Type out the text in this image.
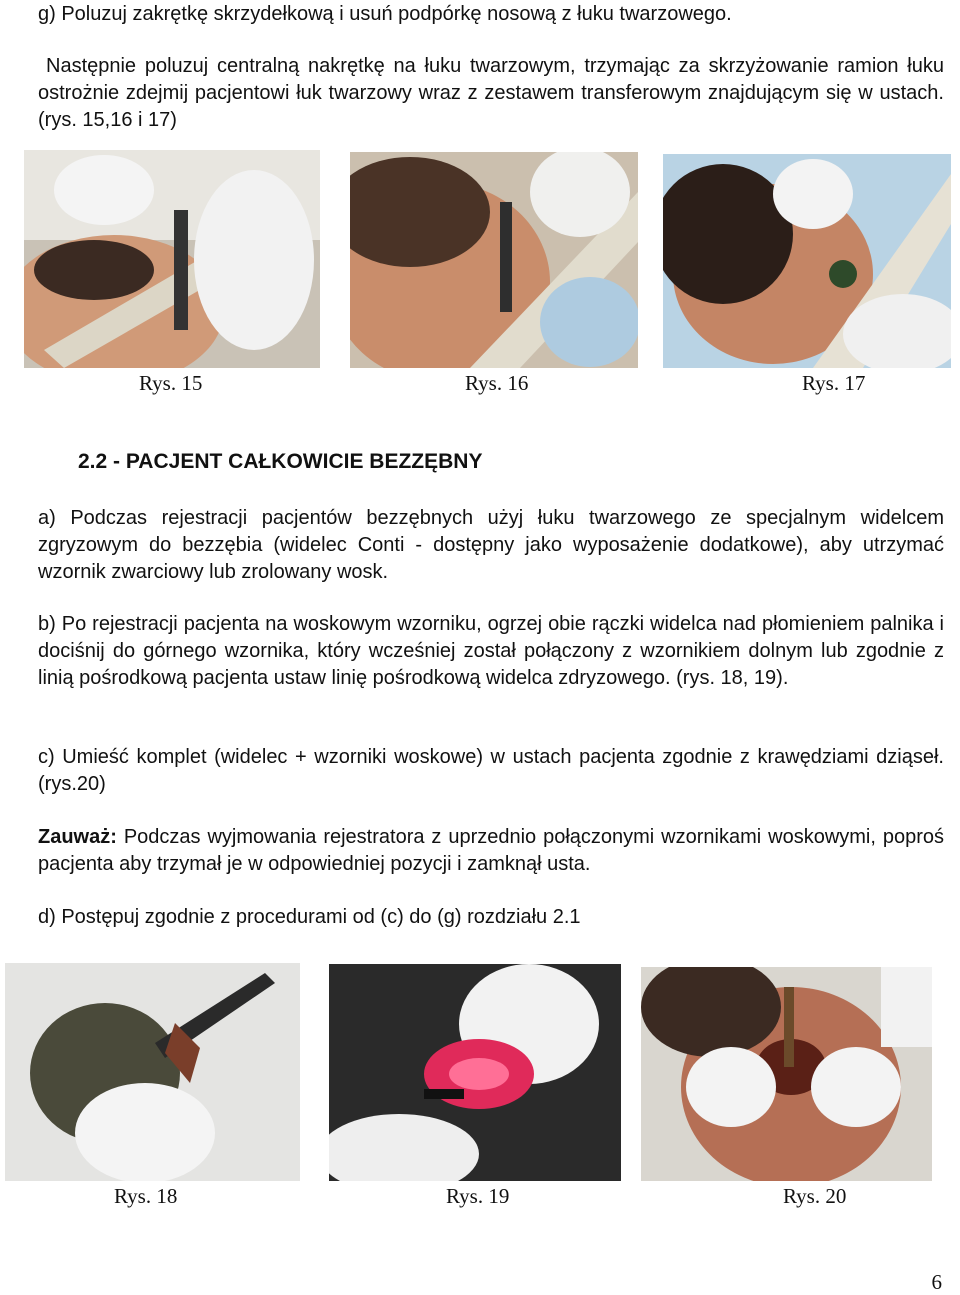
g) Poluzuj zakrętkę skrzydełkową i usuń podpórkę nosową z łuku twarzowego.

Następnie poluzuj centralną nakrętkę na łuku twarzowym, trzymając za skrzyżowanie ramion łuku ostrożnie zdejmij pacjentowi łuk twarzowy wraz z zestawem transferowym znajdującym się w ustach. (rys. 15,16 i 17)

Rys. 15	Rys. 16	Rys. 17

2.2 - PACJENT CAŁKOWICIE BEZZĘBNY

a) Podczas rejestracji pacjentów bezzębnych użyj łuku twarzowego ze specjalnym widelcem zgryzowym do bezzębia (widelec Conti - dostępny jako wyposażenie dodatkowe), aby utrzymać wzornik zwarciowy lub zrolowany wosk.

b) Po rejestracji pacjenta na woskowym wzorniku, ogrzej obie rączki widelca nad płomieniem palnika i dociśnij do górnego wzornika, który wcześniej został połączony z wzornikiem dolnym lub zgodnie z linią pośrodkową pacjenta ustaw linię pośrodkową widelca zdryzowego. (rys. 18, 19).

c) Umieść komplet (widelec + wzorniki woskowe) w ustach pacjenta zgodnie z krawędziami dziąseł. (rys.20)

Zauważ: Podczas wyjmowania rejestratora z uprzednio połączonymi wzornikami woskowymi, poproś pacjenta aby trzymał je w odpowiedniej pozycji i zamknął usta.

d) Postępuj zgodnie z procedurami od (c) do (g) rozdziału 2.1

Rys. 18	Rys. 19	Rys. 20

6
